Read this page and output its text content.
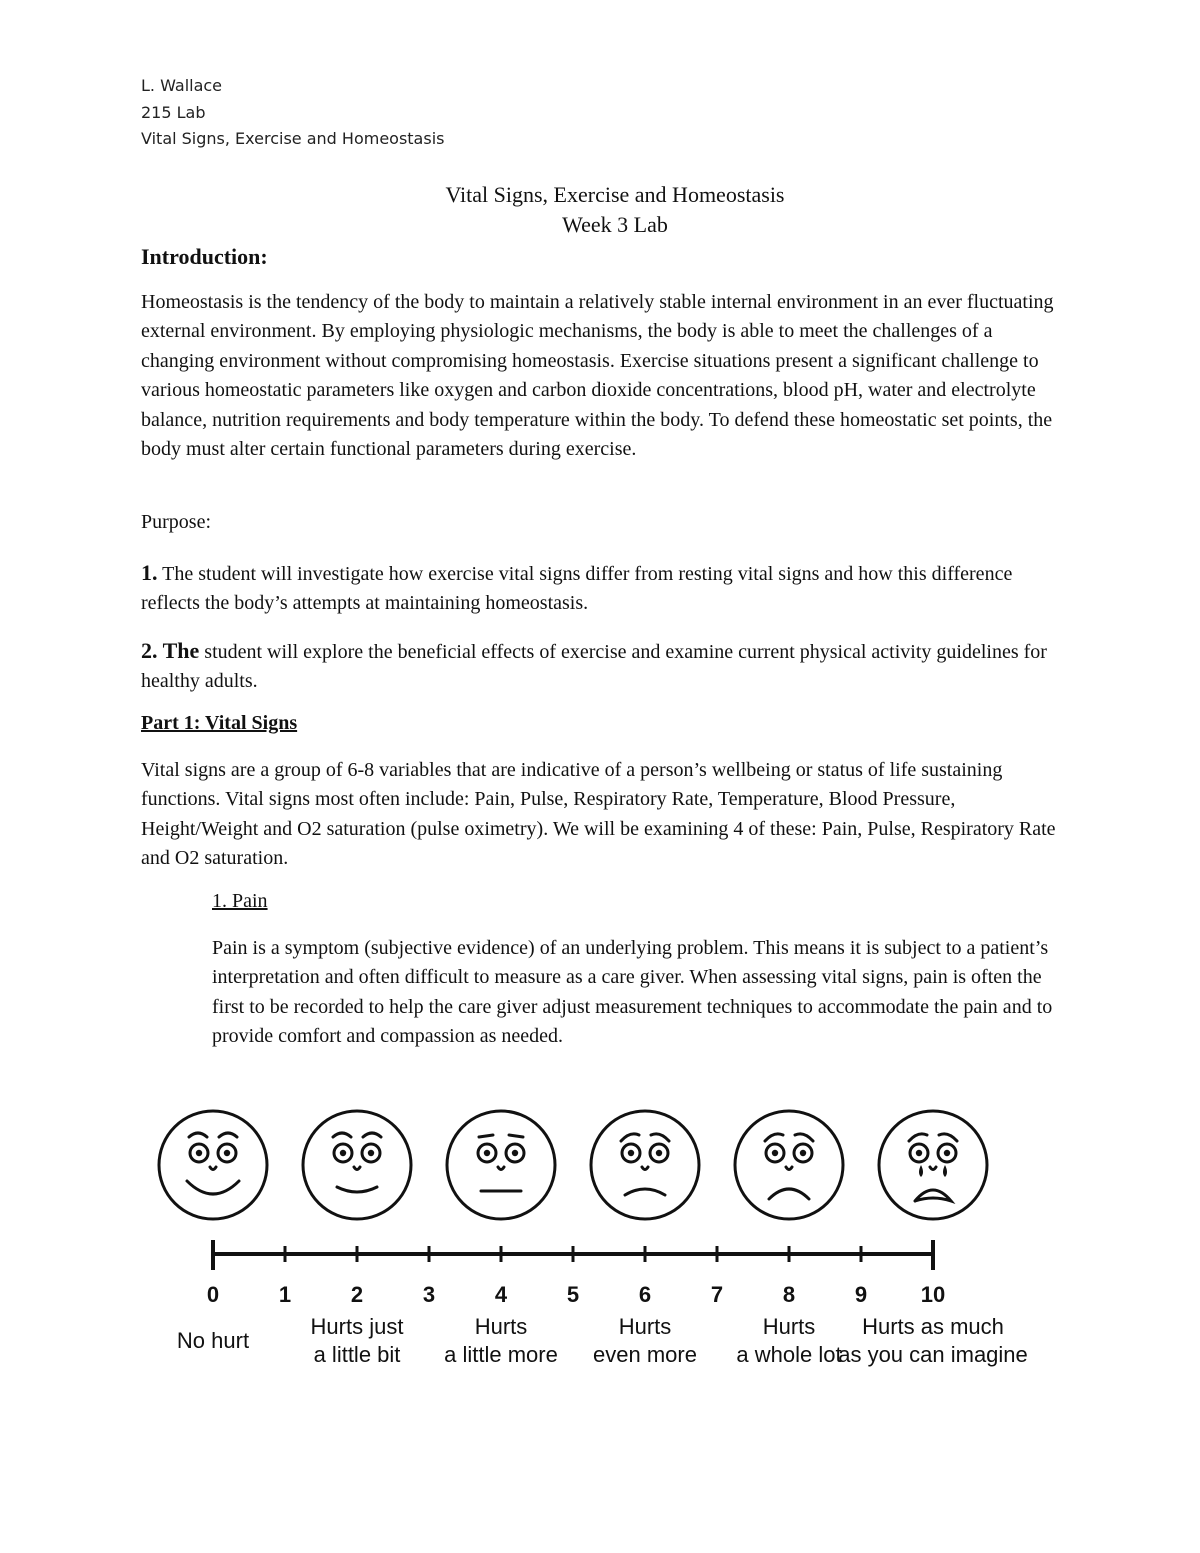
L. Wallace
215 Lab
Vital Signs, Exercise and Homeostasis
Vital Signs, Exercise and Homeostasis
Week 3 Lab
Introduction:

Homeostasis is the tendency of the body to maintain a relatively stable internal environment in an ever fluctuating external environment. By employing physiologic mechanisms, the body is able to meet the challenges of a changing environment without compromising homeostasis. Exercise situations present a significant challenge to various homeostatic parameters like oxygen and carbon dioxide concentrations, blood pH, water and electrolyte balance, nutrition requirements and body temperature within the body. To defend these homeostatic set points, the body must alter certain functional parameters during exercise.

Purpose:

1. The student will investigate how exercise vital signs differ from resting vital signs and how this difference reflects the body’s attempts at maintaining homeostasis.

2. The student will explore the beneficial effects of exercise and examine current physical activity guidelines for healthy adults.

Part 1: Vital Signs

Vital signs are a group of 6-8 variables that are indicative of a person’s wellbeing or status of life sustaining functions. Vital signs most often include: Pain, Pulse, Respiratory Rate, Temperature, Blood Pressure, Height/Weight and O2 saturation (pulse oximetry). We will be examining 4 of these: Pain, Pulse, Respiratory Rate and O2 saturation.

1. Pain

Pain is a symptom (subjective evidence) of an underlying problem. This means it is subject to a patient’s interpretation and often difficult to measure as a care giver. When assessing vital signs, pain is often the first to be recorded to help the care giver adjust measurement techniques to accommodate the pain and to provide comfort and compassion as needed.

0	1	2	3	4	5	6	7	8	9 10
No hurt
Hurts just
a little bit
Hurts
a little more
Hurts
even more
Hurts
a whole lot
Hurts as much
as you can imagine
